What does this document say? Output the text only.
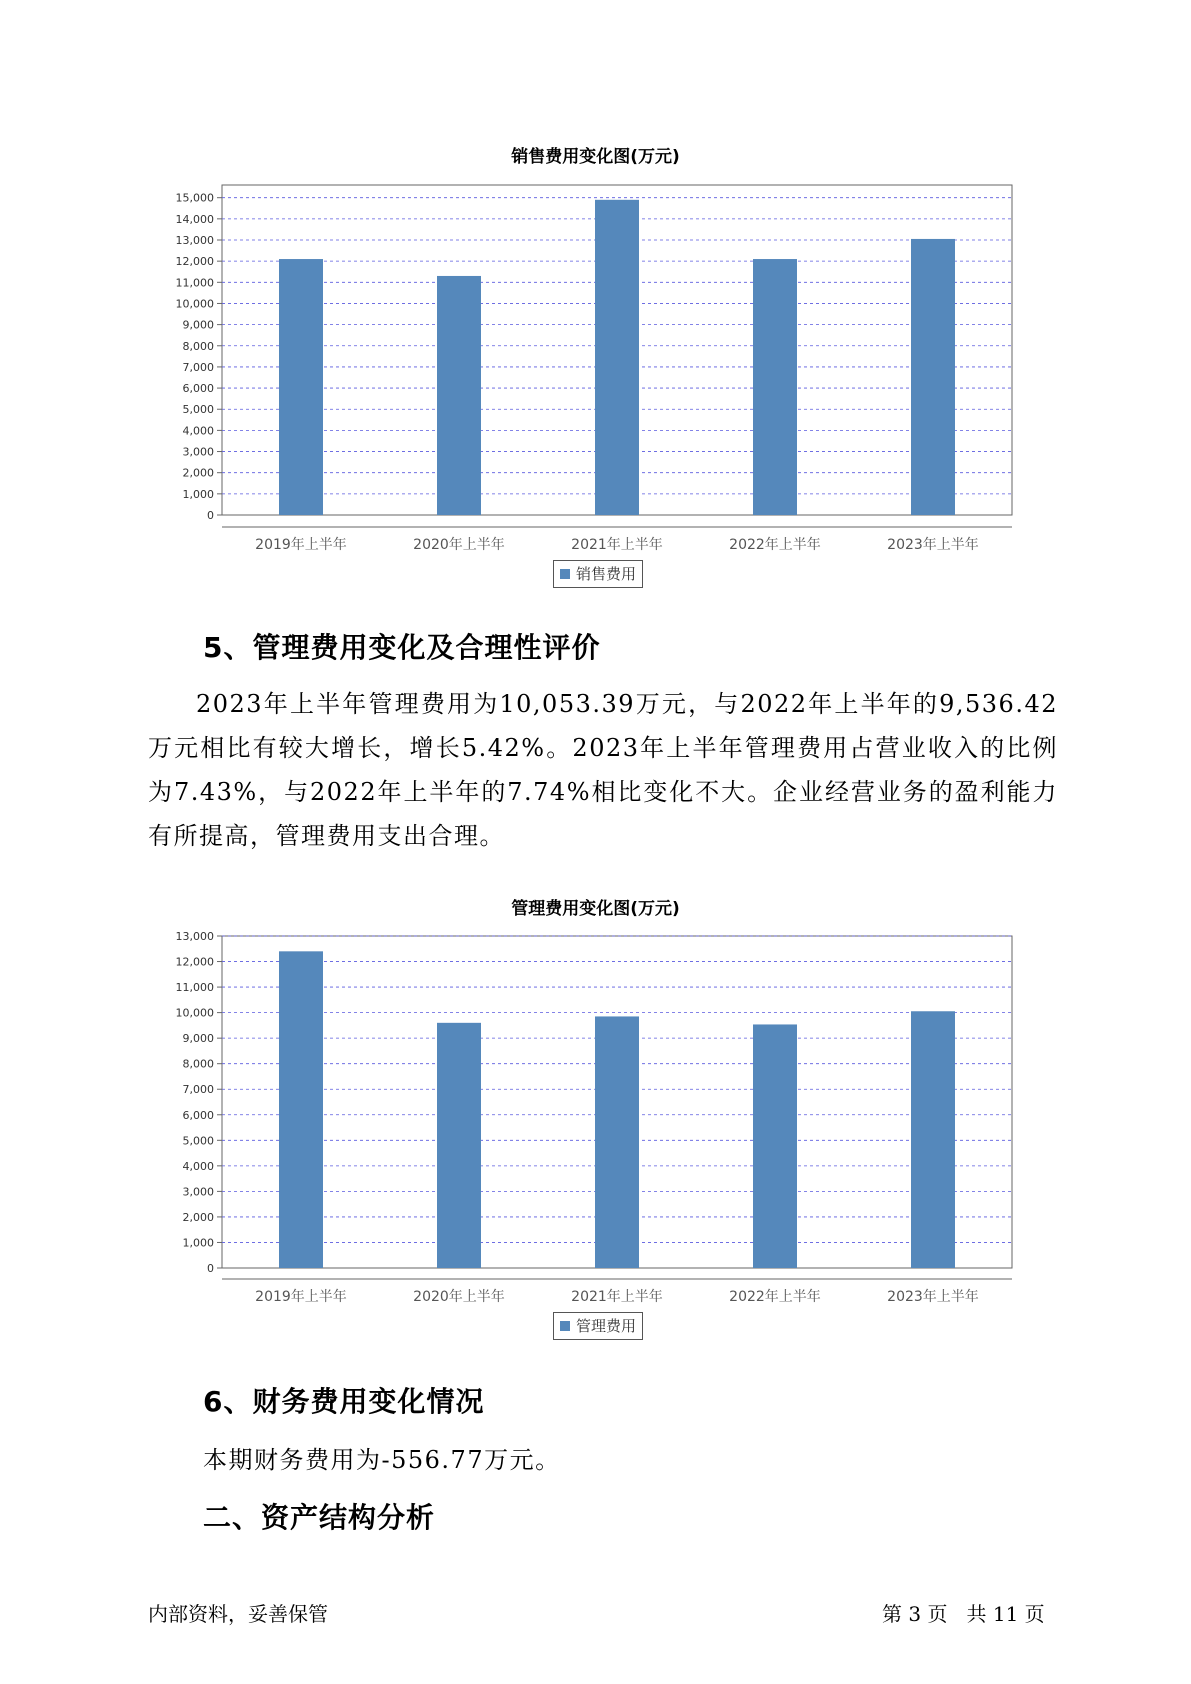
销售费用变化图(万元)
0
1,000
2,000
3,000
4,000
5,000
6,000
7,000
8,000
9,000
10,000
11,000
12,000
13,000
14,000
15,000
2019年上半年	2020年上半年	2021年上半年	2022年上半年	2023年上半年
销售费用
5、管理费用变化及合理性评价
2023年上半年管理费用为10,053.39万元，与2022年上半年的9,536.42万元相比有较大增长，增长5.42%。2023年上半年管理费用占营业收入的比例为7.43%，与2022年上半年的7.74%相比变化不大。企业经营业务的盈利能力有所提高，管理费用支出合理。
管理费用变化图(万元)
0
1,000
2,000
3,000
4,000
5,000
6,000
7,000
8,000
9,000
10,000
11,000
12,000
13,000
2019年上半年	2020年上半年	2021年上半年	2022年上半年	2023年上半年
管理费用
6、财务费用变化情况
本期财务费用为-556.77万元。
二、资产结构分析
内部资料，妥善保管	第 3 页   共 11 页
